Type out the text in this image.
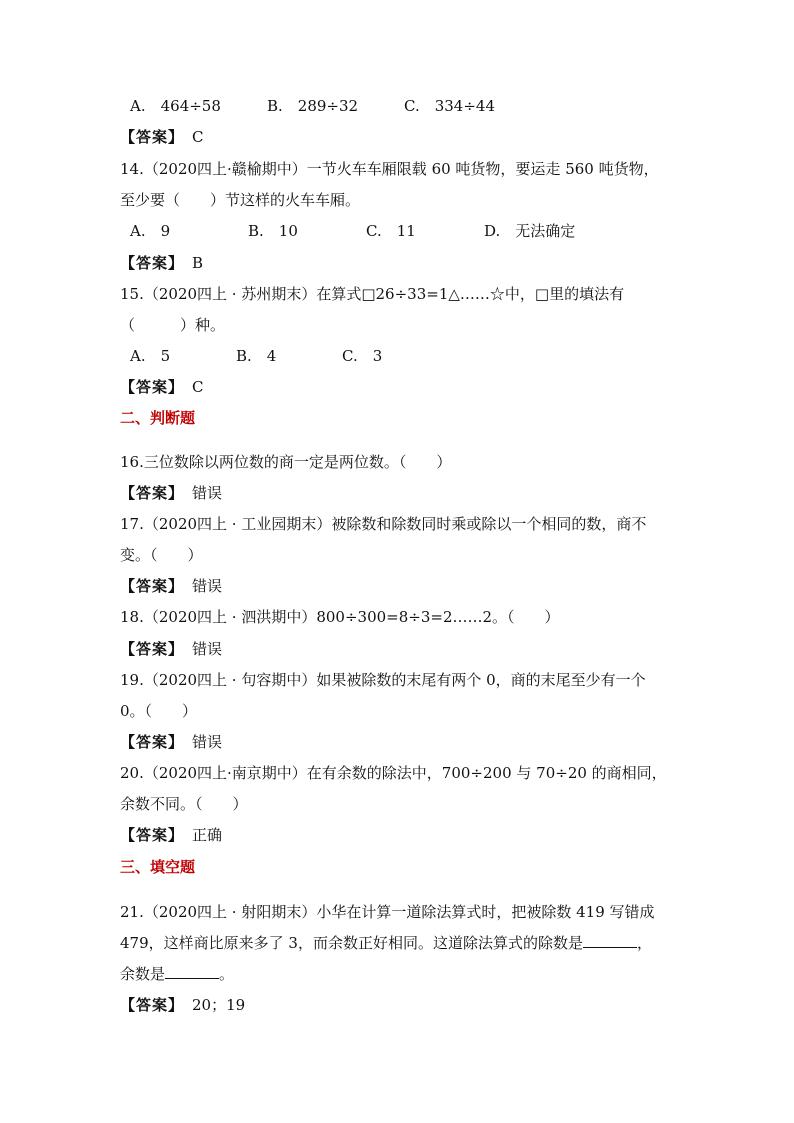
A.　464÷58	B.　289÷32	C.　334÷44
【答案】 C
14.（2020四上·赣榆期中）一节火车车厢限载 60 吨货物，要运走 560 吨货物，
至少要（　　）节这样的火车车厢。
A.　9	B.　10	C.　11	D.　无法确定
【答案】 B
15.（2020四上 · 苏州期末）在算式□26÷33=1△……☆中，□里的填法有
（　　　）种。
A.　5	B.　4	C.　3
【答案】 C
二、判断题
16.三位数除以两位数的商一定是两位数。（　　）
【答案】 错误
17.（2020四上 · 工业园期末）被除数和除数同时乘或除以一个相同的数，商不
变。（　　）
【答案】 错误
18.（2020四上 · 泗洪期中）800÷300=8÷3=2……2。（　　）
【答案】 错误
19.（2020四上 · 句容期中）如果被除数的末尾有两个 0，商的末尾至少有一个
0。（　　）
【答案】 错误
20.（2020四上·南京期中）在有余数的除法中，700÷200 与 70÷20 的商相同，
余数不同。（　　）
【答案】 正确
三、填空题
21.（2020四上 · 射阳期末）小华在计算一道除法算式时，把被除数 419 写错成
479，这样商比原来多了 3，而余数正好相同。这道除法算式的除数是	，
余数是	。
【答案】 20；19
